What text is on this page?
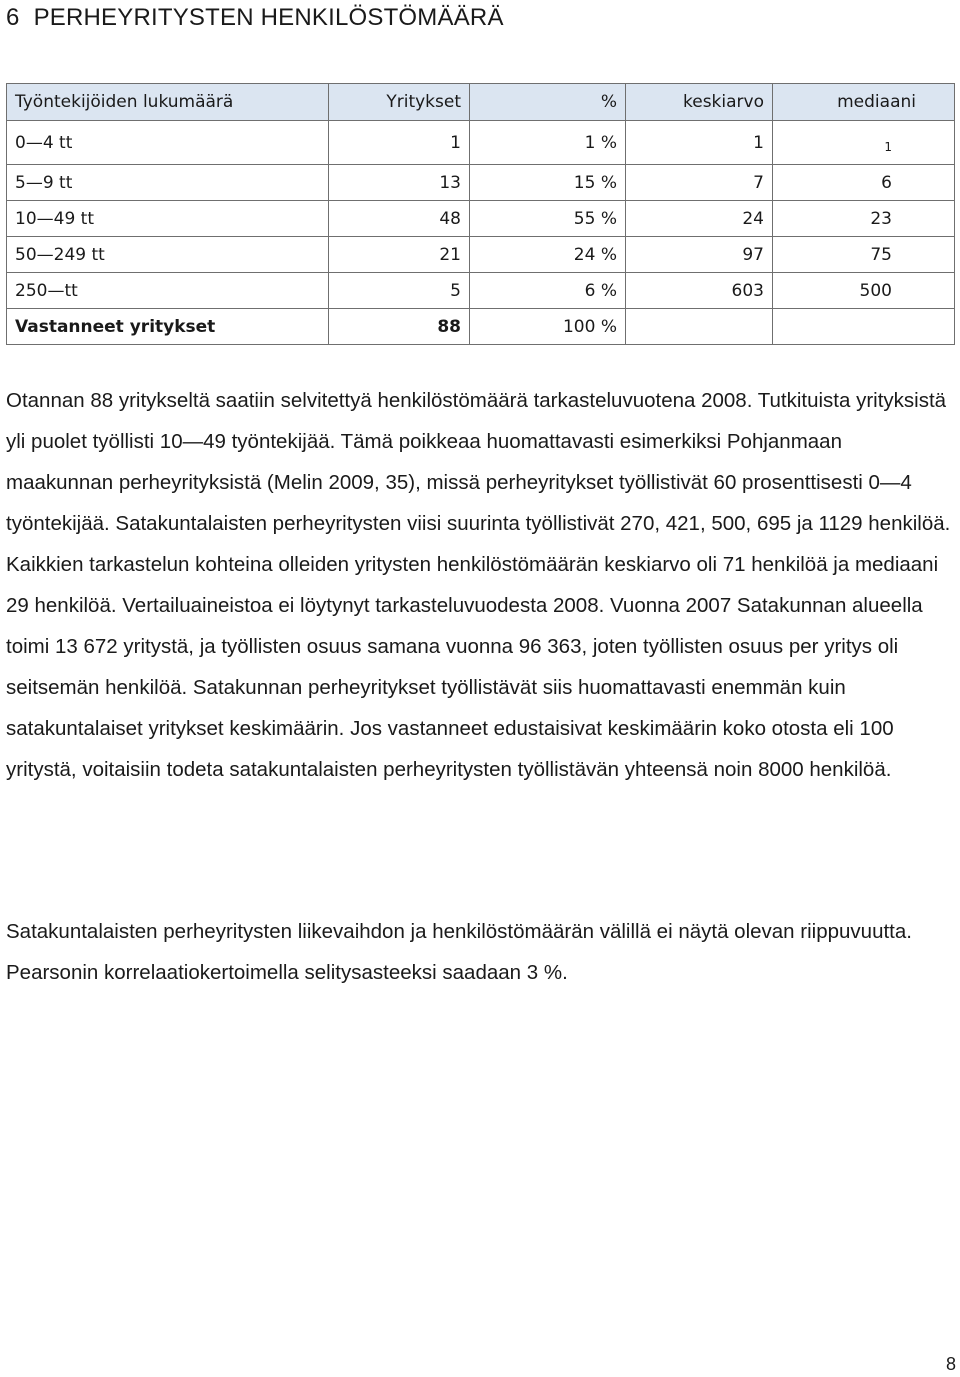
6 PERHEYRITYSTEN HENKILÖSTÖMÄÄRÄ
Työntekijöiden lukumäärä	Yritykset	%	keskiarvo	mediaani
0—4 tt	1	1 %	1	1
5—9 tt	13	15 %	7	6
10—49 tt	48	55 %	24	23
50—249 tt	21	24 %	97	75
250—tt	5	6 %	603	500
Vastanneet yritykset	88	100 %		

Otannan 88 yritykseltä saatiin selvitettyä henkilöstömäärä tarkasteluvuotena 2008. Tutkituista yrityksistä yli puolet työllisti 10—49 työntekijää. Tämä poikkeaa huomattavasti esimerkiksi Pohjanmaan maakunnan perheyrityksistä (Melin 2009, 35), missä perheyritykset työllistivät 60 prosenttisesti 0—4 työntekijää. Satakuntalaisten perheyritysten viisi suurinta työllistivät 270, 421, 500, 695 ja 1129 henkilöä. Kaikkien tarkastelun kohteina olleiden yritysten henkilöstömäärän keskiarvo oli 71 henkilöä ja mediaani 29 henkilöä. Vertailuaineistoa ei löytynyt tarkasteluvuodesta 2008. Vuonna 2007 Satakunnan alueella toimi 13 672 yritystä, ja työllisten osuus samana vuonna 96 363, joten työllisten osuus per yritys oli seitsemän henkilöä. Satakunnan perheyritykset työllistävät siis huomattavasti enemmän kuin satakuntalaiset yritykset keskimäärin. Jos vastanneet edustaisivat keskimäärin koko otosta eli 100 yritystä, voitaisiin todeta satakuntalaisten perheyritysten työllistävän yhteensä noin 8000 henkilöä.

Satakuntalaisten perheyritysten liikevaihdon ja henkilöstömäärän välillä ei näytä olevan riippuvuutta. Pearsonin korrelaatiokertoimella selitysasteeksi saadaan 3 %.

8
